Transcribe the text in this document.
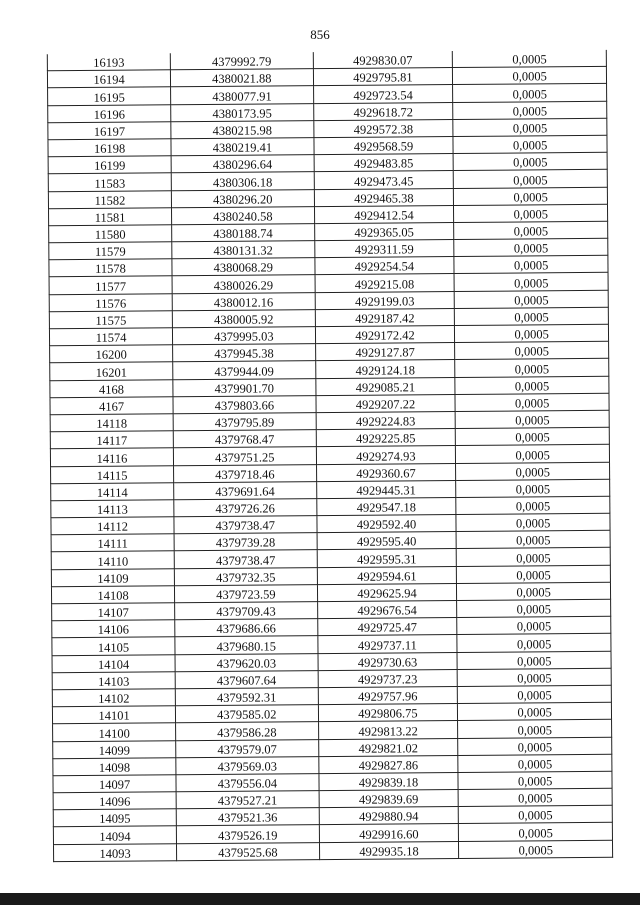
856
16193	4379992.79	4929830.07	0,0005
16194	4380021.88	4929795.81	0,0005
16195	4380077.91	4929723.54	0,0005
16196	4380173.95	4929618.72	0,0005
16197	4380215.98	4929572.38	0,0005
16198	4380219.41	4929568.59	0,0005
16199	4380296.64	4929483.85	0,0005
11583	4380306.18	4929473.45	0,0005
11582	4380296.20	4929465.38	0,0005
11581	4380240.58	4929412.54	0,0005
11580	4380188.74	4929365.05	0,0005
11579	4380131.32	4929311.59	0,0005
11578	4380068.29	4929254.54	0,0005
11577	4380026.29	4929215.08	0,0005
11576	4380012.16	4929199.03	0,0005
11575	4380005.92	4929187.42	0,0005
11574	4379995.03	4929172.42	0,0005
16200	4379945.38	4929127.87	0,0005
16201	4379944.09	4929124.18	0,0005
4168	4379901.70	4929085.21	0,0005
4167	4379803.66	4929207.22	0,0005
14118	4379795.89	4929224.83	0,0005
14117	4379768.47	4929225.85	0,0005
14116	4379751.25	4929274.93	0,0005
14115	4379718.46	4929360.67	0,0005
14114	4379691.64	4929445.31	0,0005
14113	4379726.26	4929547.18	0,0005
14112	4379738.47	4929592.40	0,0005
14111	4379739.28	4929595.40	0,0005
14110	4379738.47	4929595.31	0,0005
14109	4379732.35	4929594.61	0,0005
14108	4379723.59	4929625.94	0,0005
14107	4379709.43	4929676.54	0,0005
14106	4379686.66	4929725.47	0,0005
14105	4379680.15	4929737.11	0,0005
14104	4379620.03	4929730.63	0,0005
14103	4379607.64	4929737.23	0,0005
14102	4379592.31	4929757.96	0,0005
14101	4379585.02	4929806.75	0,0005
14100	4379586.28	4929813.22	0,0005
14099	4379579.07	4929821.02	0,0005
14098	4379569.03	4929827.86	0,0005
14097	4379556.04	4929839.18	0,0005
14096	4379527.21	4929839.69	0,0005
14095	4379521.36	4929880.94	0,0005
14094	4379526.19	4929916.60	0,0005
14093	4379525.68	4929935.18	0,0005
